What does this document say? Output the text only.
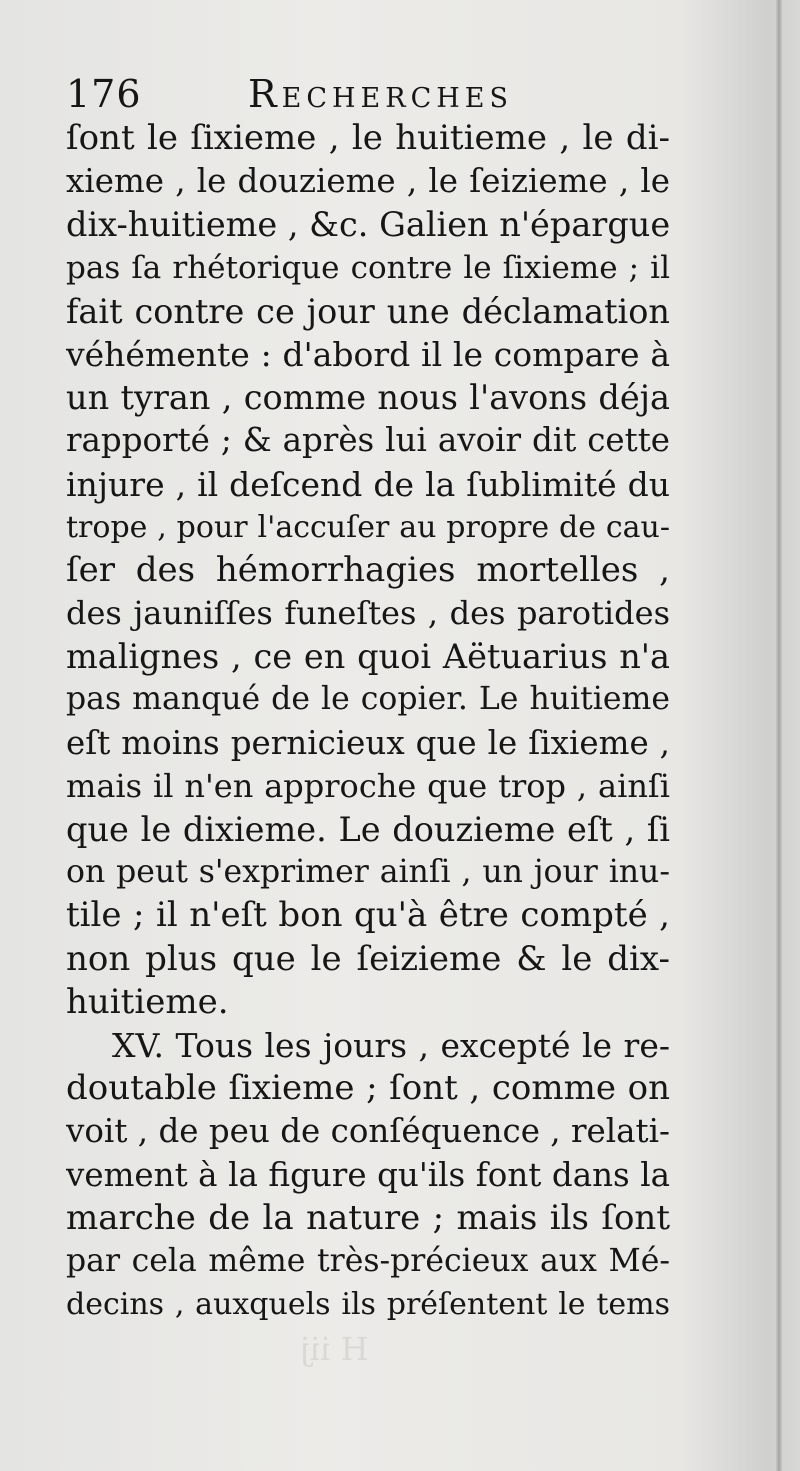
H iij
176	Recherches
ſont le ſixieme , le huitieme , le di-
xieme , le douzieme , le ſeizieme , le
dix-huitieme , &c. Galien n'épargue
pas ſa rhétorique contre le ſixieme ; il
fait contre ce jour une déclamation
véhémente : d'abord il le compare à
un tyran , comme nous l'avons déja
rapporté ; & après lui avoir dit cette
injure , il deſcend de la ſublimité du
trope , pour l'accuſer au propre de cau-
ſer des hémorrhagies mortelles ,
des jauniſſes funeſtes , des parotides
malignes , ce en quoi Aëtuarius n'a
pas manqué de le copier. Le huitieme
eſt moins pernicieux que le ſixieme ,
mais il n'en approche que trop , ainſi
que le dixieme. Le douzieme eſt , ſi
on peut s'exprimer ainſi , un jour inu-
tile ; il n'eſt bon qu'à être compté ,
non plus que le ſeizieme & le dix-
huitieme.
XV. Tous les jours , excepté le re-
doutable ſixieme ; ſont , comme on
voit , de peu de conſéquence , relati-
vement à la figure qu'ils font dans la
marche de la nature ; mais ils ſont
par cela même très-précieux aux Mé-
decins , auxquels ils préſentent le tems
